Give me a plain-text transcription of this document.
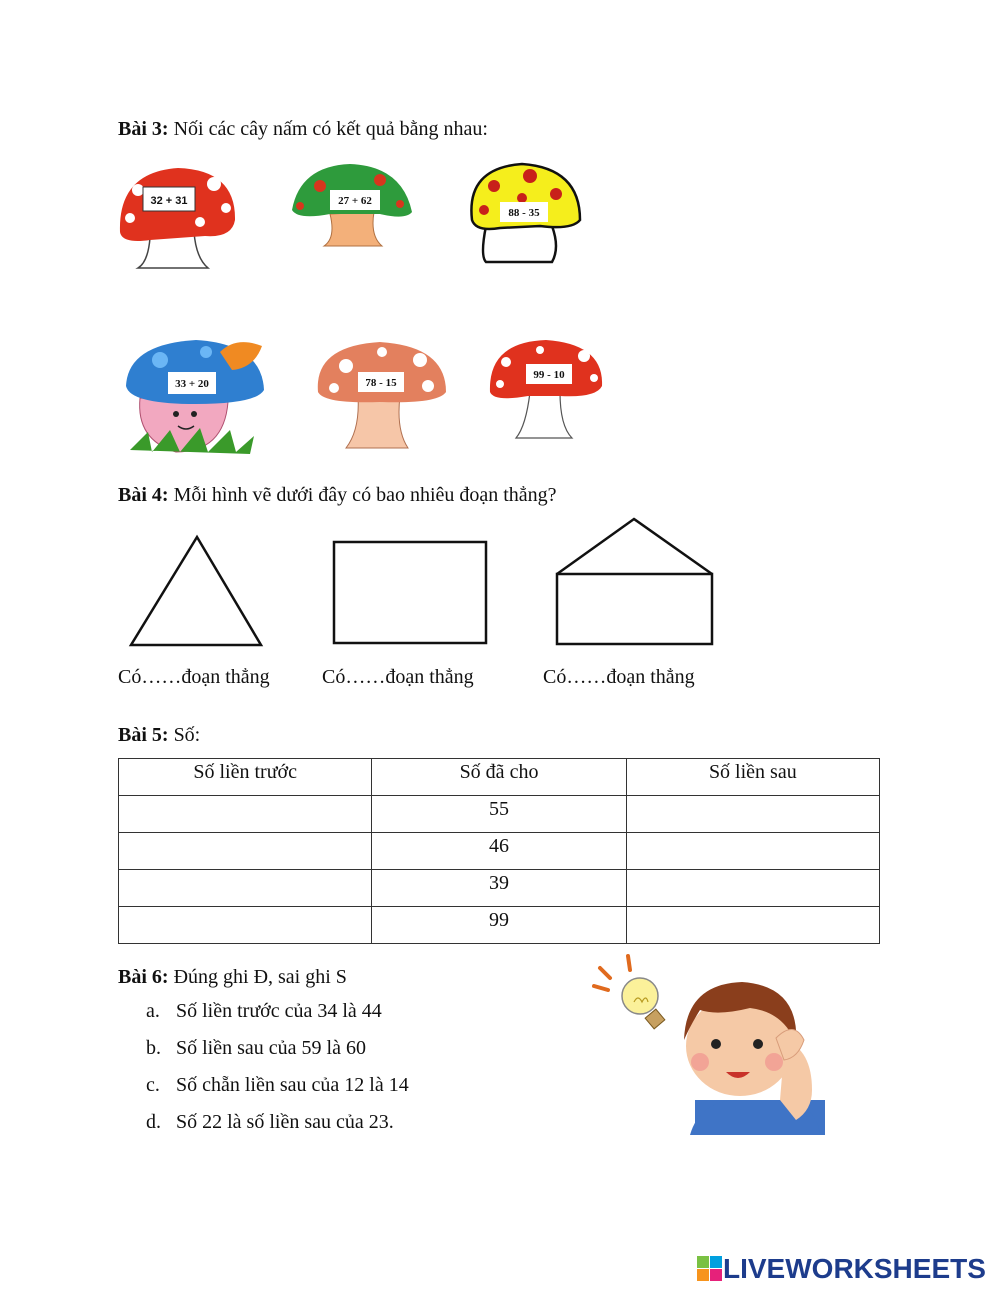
Bài 3: Nối các cây nấm có kết quả bằng nhau:
32 + 31	27 + 62
88 - 35
33 + 20	78 - 15
99 - 10
Bài 4: Mỗi hình vẽ dưới đây có bao nhiêu đoạn thẳng?
Có……đoạn thẳng	Có……đoạn thẳng	Có……đoạn thẳng
Bài 5: Số:
Số liền trước	Số đã cho	Số liền sau

	55	

	46	

	39	

	99	

Bài 6: Đúng ghi Đ, sai ghi S
a. Số liền trước của 34 là 44
b. Số liền sau của 59 là 60
c. Số chẵn liền sau của 12 là 14
d. Số 22 là số liền sau của 23.
LIVEWORKSHEETS
